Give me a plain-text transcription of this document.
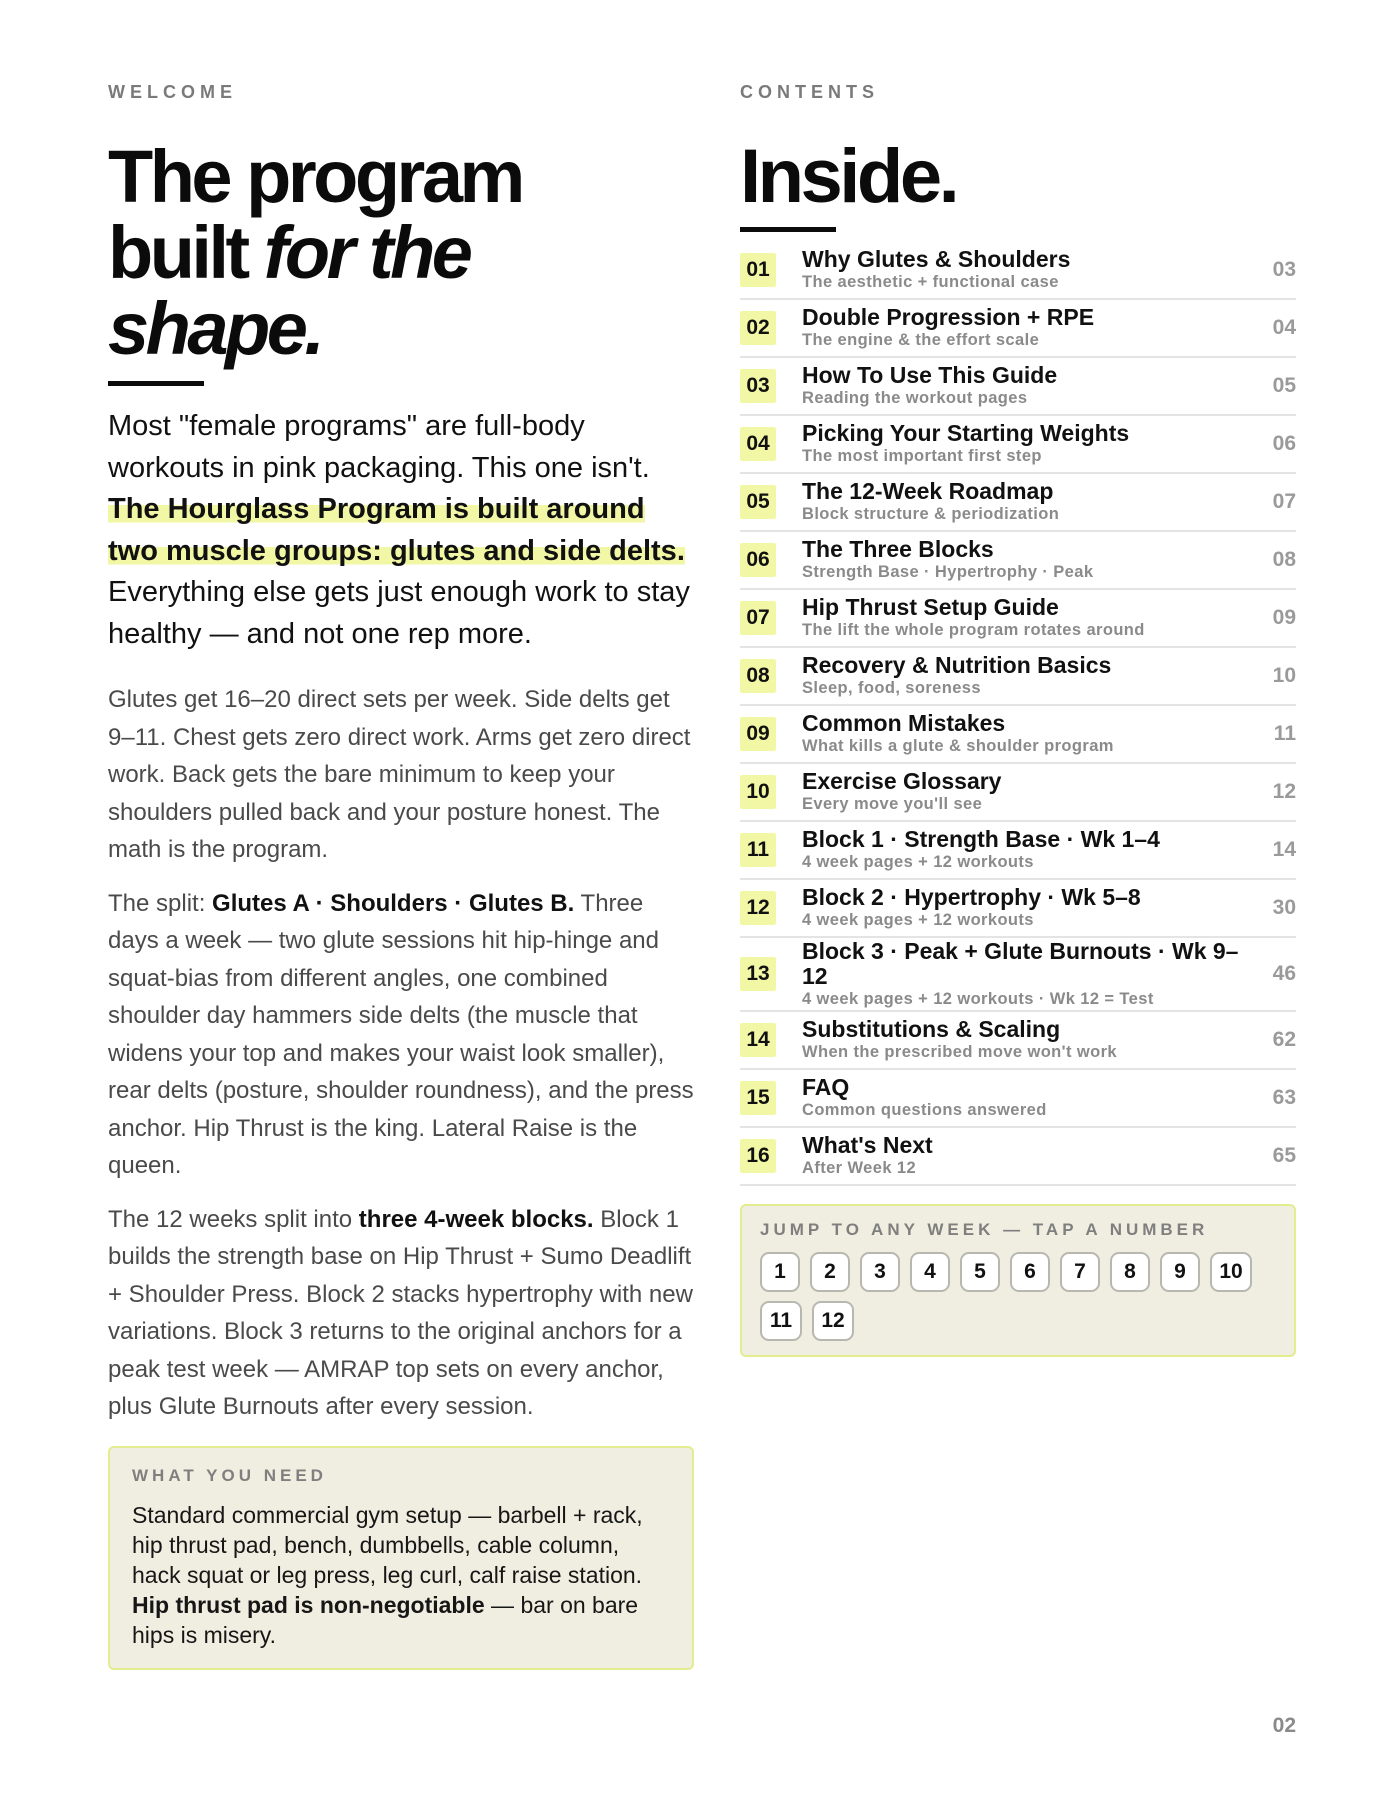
WELCOME

The program
built for the
shape.

Most "female programs" are full-body workouts in pink packaging. This one isn't. The Hourglass Program is built around two muscle groups: glutes and side delts. Everything else gets just enough work to stay healthy — and not one rep more.

Glutes get 16–20 direct sets per week. Side delts get 9–11. Chest gets zero direct work. Arms get zero direct work. Back gets the bare minimum to keep your shoulders pulled back and your posture honest. The math is the program.

The split: Glutes A · Shoulders · Glutes B. Three days a week — two glute sessions hit hip-hinge and squat-bias from different angles, one combined shoulder day hammers side delts (the muscle that widens your top and makes your waist look smaller), rear delts (posture, shoulder roundness), and the press anchor. Hip Thrust is the king. Lateral Raise is the queen.

The 12 weeks split into three 4-week blocks. Block 1 builds the strength base on Hip Thrust + Sumo Deadlift + Shoulder Press. Block 2 stacks hypertrophy with new variations. Block 3 returns to the original anchors for a peak test week — AMRAP top sets on every anchor, plus Glute Burnouts after every session.

WHAT YOU NEED

Standard commercial gym setup — barbell + rack, hip thrust pad, bench, dumbbells, cable column, hack squat or leg press, leg curl, calf raise station. Hip thrust pad is non-negotiable — bar on bare hips is misery.

CONTENTS

Inside.
01 Why Glutes & Shoulders
The aesthetic + functional case
03
02 Double Progression + RPE
The engine & the effort scale
04
03 How To Use This Guide
Reading the workout pages
05
04 Picking Your Starting Weights
The most important first step
06
05 The 12-Week Roadmap
Block structure & periodization
07
06 The Three Blocks
Strength Base · Hypertrophy · Peak
08
07 Hip Thrust Setup Guide
The lift the whole program rotates around
09
08 Recovery & Nutrition Basics
Sleep, food, soreness
10
09 Common Mistakes
What kills a glute & shoulder program
11
10 Exercise Glossary
Every move you'll see
12
11	Block 1 · Strength Base · Wk 1–4
4 week pages + 12 workouts
14
12 Block 2 · Hypertrophy · Wk 5–8
4 week pages + 12 workouts
30
13
Block 3 · Peak + Glute Burnouts · Wk 9–12
4 week pages + 12 workouts · Wk 12 = Test
46
14 Substitutions & Scaling
When the prescribed move won't work
62
15 FAQ
Common questions answered
63
16 What's Next
After Week 12
65

JUMP TO ANY WEEK — TAP A NUMBER

1	2	3	4	5	6	7	8	9	10
11	12
02
